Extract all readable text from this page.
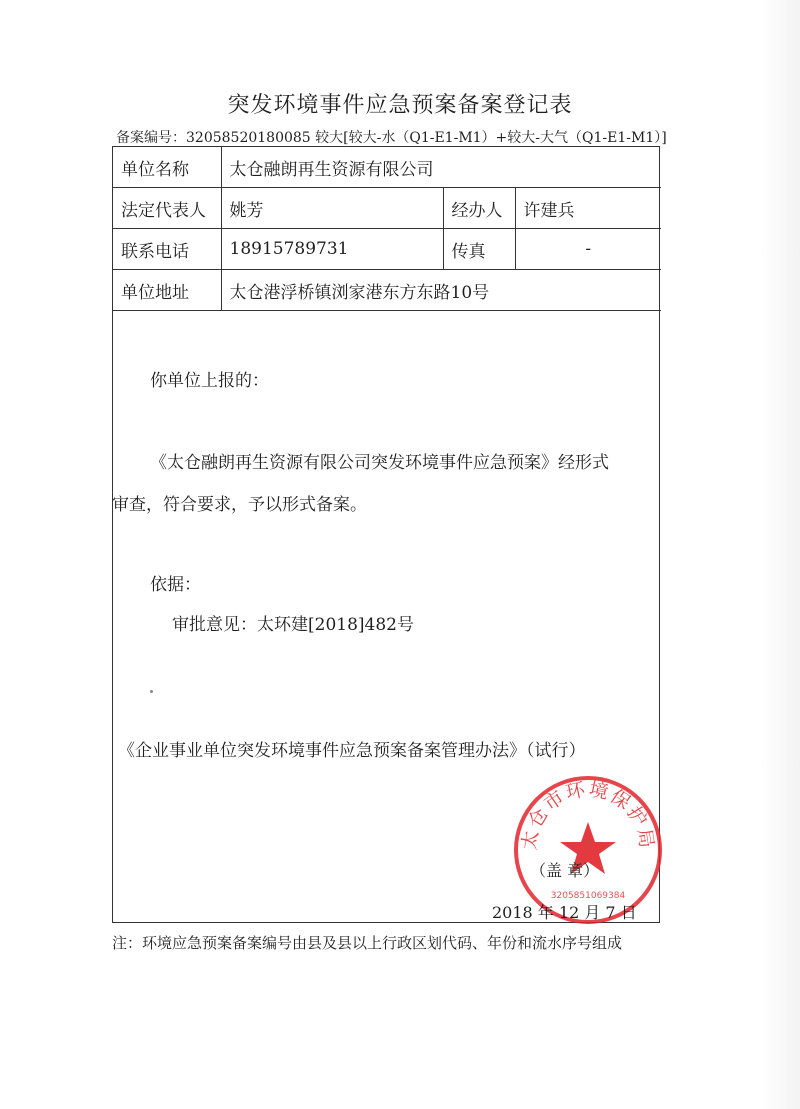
突发环境事件应急预案备案登记表
备案编号：32058520180085 较大[较大-水（Q1-E1-M1）+较大-大气（Q1-E1-M1）]
单位名称	太仓融朗再生资源有限公司		
法定代表人	姚芳	经办人	许建兵
联系电话	18915789731	传真	-
单位地址	太仓港浮桥镇浏家港东方东路10号		
你单位上报的：
《太仓融朗再生资源有限公司突发环境事件应急预案》经形式
审查，符合要求，予以形式备案。
依据：
审批意见：太环建[2018]482号
《企业事业单位突发环境事件应急预案备案管理办法》（试行）
太仓市环境保护局
3205851069384
（盖 章）
2018 年 12 月 7 日
注：环境应急预案备案编号由县及县以上行政区划代码、年份和流水序号组成
